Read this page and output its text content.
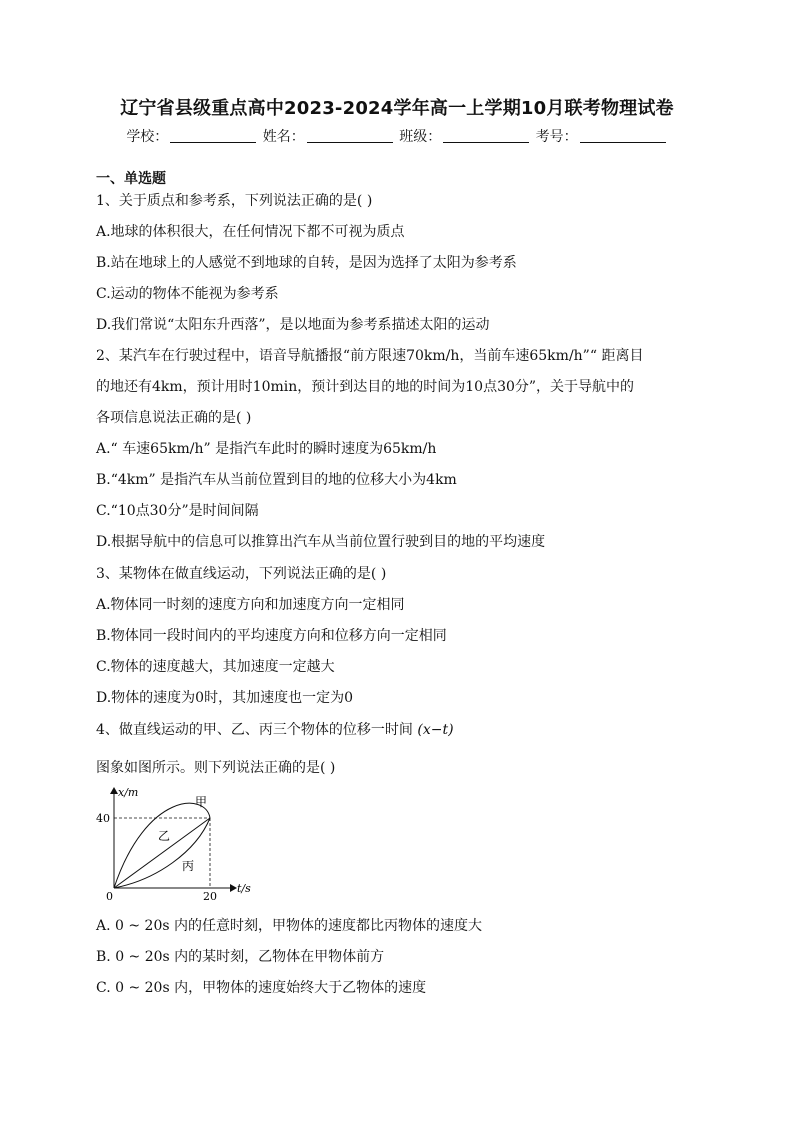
辽宁省县级重点高中2023-2024学年高一上学期10月联考物理试卷
学校：	姓名：	班级：	考号：
一、单选题
1、关于质点和参考系，下列说法正确的是( )
A.地球的体积很大，在任何情况下都不可视为质点
B.站在地球上的人感觉不到地球的自转，是因为选择了太阳为参考系
C.运动的物体不能视为参考系
D.我们常说“太阳东升西落”，是以地面为参考系描述太阳的运动
2、某汽车在行驶过程中，语音导航播报“前方限速70km/h，当前车速65km/h”“ 距离目
的地还有4km，预计用时10min，预计到达目的地的时间为10点30分”，关于导航中的
各项信息说法正确的是( )
A.“ 车速65km/h” 是指汽车此时的瞬时速度为65km/h
B.“4km” 是指汽车从当前位置到目的地的位移大小为4km
C.“10点30分”是时间间隔
D.根据导航中的信息可以推算出汽车从当前位置行驶到目的地的平均速度
3、某物体在做直线运动，下列说法正确的是( )
A.物体同一时刻的速度方向和加速度方向一定相同
B.物体同一段时间内的平均速度方向和位移方向一定相同
C.物体的速度越大，其加速度一定越大
D.物体的速度为0时，其加速度也一定为0
4、做直线运动的甲、乙、丙三个物体的位移一时间 (x−t)
图象如图所示。则下列说法正确的是( )
x/m
t/s
0
40
20
甲
乙
丙
A. 0 ~ 20s 内的任意时刻，甲物体的速度都比丙物体的速度大
B. 0 ~ 20s 内的某时刻，乙物体在甲物体前方
C. 0 ~ 20s 内，甲物体的速度始终大于乙物体的速度
